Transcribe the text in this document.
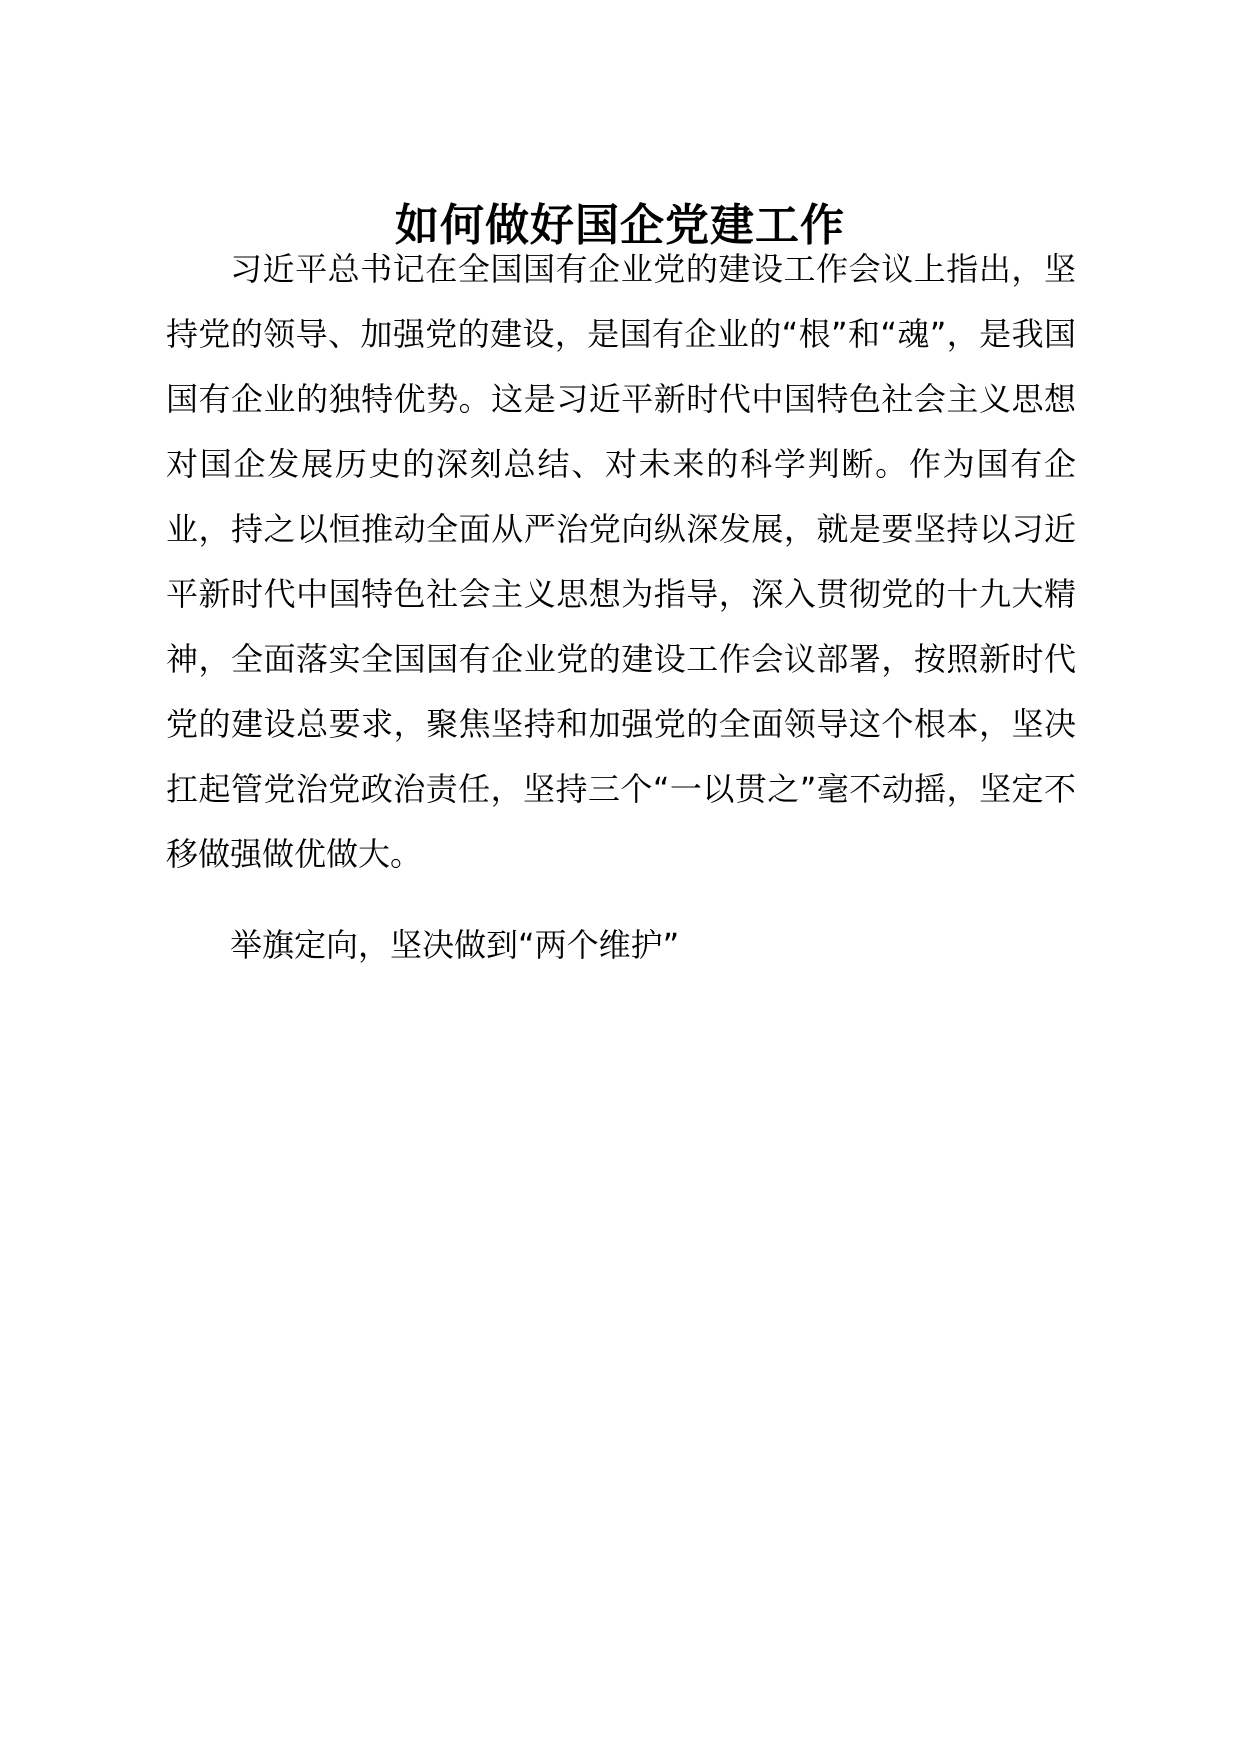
如何做好国企党建工作

习近平总书记在全国国有企业党的建设工作会议上指出，坚持党的领导、加强党的建设，是国有企业的“根”和“魂”，是我国国有企业的独特优势。这是习近平新时代中国特色社会主义思想对国企发展历史的深刻总结、对未来的科学判断。作为国有企业，持之以恒推动全面从严治党向纵深发展，就是要坚持以习近平新时代中国特色社会主义思想为指导，深入贯彻党的十九大精神，全面落实全国国有企业党的建设工作会议部署，按照新时代党的建设总要求，聚焦坚持和加强党的全面领导这个根本，坚决扛起管党治党政治责任，坚持三个“一以贯之”毫不动摇，坚定不移做强做优做大。

举旗定向，坚决做到“两个维护”
